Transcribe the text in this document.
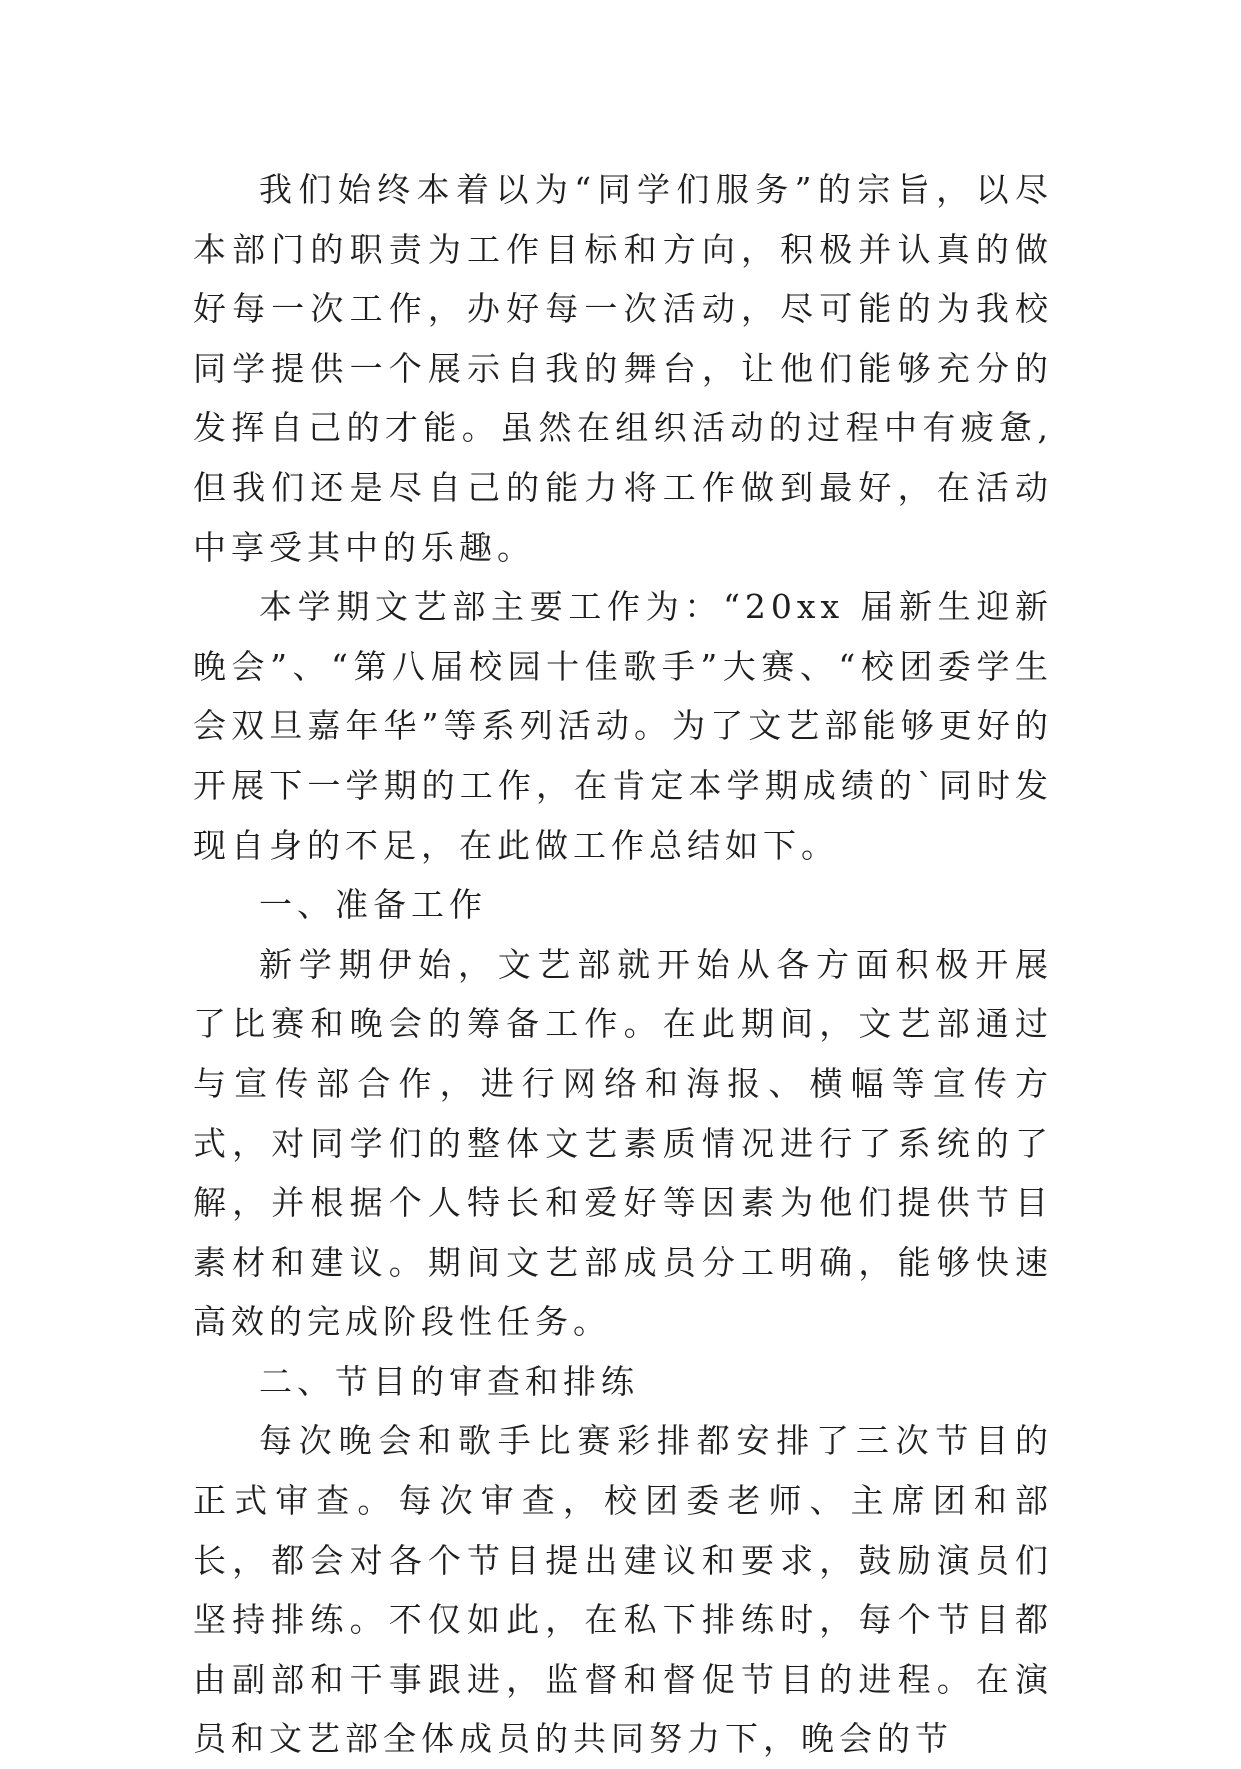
我们始终本着以为“同学们服务”的宗旨，以尽本部门的职责为工作目标和方向，积极并认真的做好每一次工作，办好每一次活动，尽可能的为我校同学提供一个展示自我的舞台，让他们能够充分的发挥自己的才能。虽然在组织活动的过程中有疲惫,但我们还是尽自己的能力将工作做到最好，在活动中享受其中的乐趣。

本学期文艺部主要工作为：“20xx 届新生迎新晚会”、“第八届校园十佳歌手”大赛、“校团委学生会双旦嘉年华”等系列活动。为了文艺部能够更好的开展下一学期的工作，在肯定本学期成绩的`同时发现自身的不足，在此做工作总结如下。

一、准备工作

新学期伊始，文艺部就开始从各方面积极开展了比赛和晚会的筹备工作。在此期间，文艺部通过与宣传部合作，进行网络和海报、横幅等宣传方式，对同学们的整体文艺素质情况进行了系统的了解，并根据个人特长和爱好等因素为他们提供节目素材和建议。期间文艺部成员分工明确，能够快速高效的完成阶段性任务。

二、节目的审查和排练

每次晚会和歌手比赛彩排都安排了三次节目的正式审查。每次审查，校团委老师、主席团和部长，都会对各个节目提出建议和要求，鼓励演员们坚持排练。不仅如此，在私下排练时，每个节目都由副部和干事跟进，监督和督促节目的进程。在演员和文艺部全体成员的共同努力下，晚会的节
